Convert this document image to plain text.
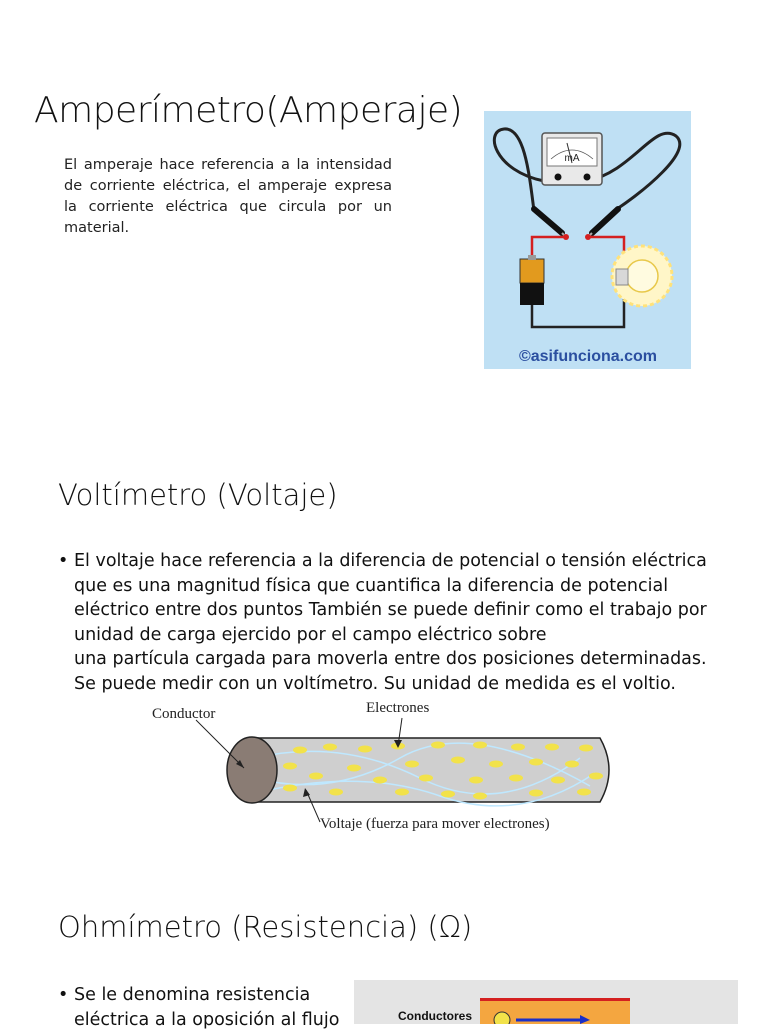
Amperímetro(Amperaje)

El amperaje hace referencia a la intensidad de corriente eléctrica, el amperaje expresa la corriente eléctrica que circula por un material.

mA
©asifunciona.com
Voltímetro (Voltaje)
• El voltaje hace referencia a la diferencia de potencial o tensión eléctrica
que es una magnitud física que cuantifica la diferencia de potencial
eléctrico entre dos puntos También se puede definir como el trabajo por
unidad de carga ejercido por el campo eléctrico sobre
una partícula cargada para moverla entre dos posiciones determinadas.
Se puede medir con un voltímetro. Su unidad de medida es el voltio.
Conductor	Electrones
Voltaje (fuerza para mover electrones)
Ohmímetro (Resistencia) (Ω)
• Se le denomina resistencia
eléctrica a la oposición al flujo	Conductores
